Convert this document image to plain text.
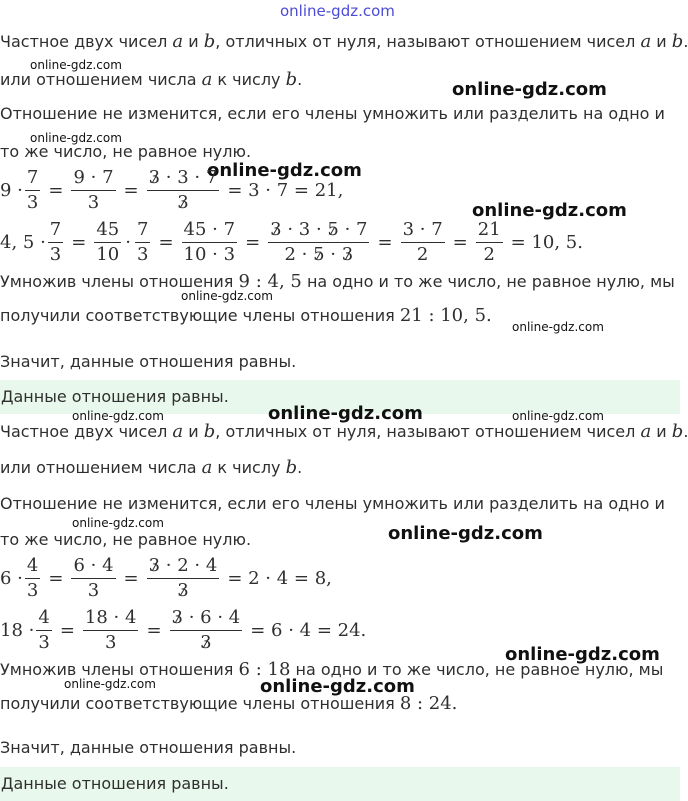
online-gdz.com
Частное двух чисел a и b, отличных от нуля, называют отношением чисел a и b.
online-gdz.com
или отношением числа a к числу b.	online-gdz.com
Отношение не изменится, если его члены умножить или разделить на одно и
online-gdz.com
то же число, не равное нулю.
online-gdz.com
$9 \cdot \frac{7}{3} = \frac{9 \cdot 7}{3} = \frac{3 \cdot 3 \cdot 7}{3} = 3 \cdot 7 = 21$,
online-gdz.com
4, $5 \cdot \frac{7}{3} = \frac{45}{10} \cdot \frac{7}{3} = \frac{45 \cdot 7}{10 \cdot 3} = \frac{3 \cdot 3 \cdot 5 \cdot 7}{2 \cdot 5 \cdot 3} = \frac{3 \cdot 7}{2} = \frac{21}{2} = 10$, 5.
Умножив члены отношения 9 : 4, 5 на одно и то же число, не равное нулю, мы
online-gdz.com
получили соответствующие члены отношения 21 : 10, 5.
online-gdz.com
Значит, данные отношения равны.
Данные отношения равны.
online-gdz.com	online-gdz.com	online-gdz.com
Частное двух чисел a и b, отличных от нуля, называют отношением чисел a и b.
или отношением числа a к числу b.
Отношение не изменится, если его члены умножить или разделить на одно и
online-gdz.com
то же число, не равное нулю.	online-gdz.com
$6 \cdot \frac{4}{3} = \frac{6 \cdot 4}{3} = \frac{3 \cdot 2 \cdot 4}{3} = 2 \cdot 4 = 8$,
$18 \cdot \frac{4}{3} = \frac{18 \cdot 4}{3} = \frac{3 \cdot 6 \cdot 4}{3} = 6 \cdot 4 = 24$.
online-gdz.com
Умножив члены отношения 6 : 18 на одно и то же число, не равное нулю, мы
online-gdz.com	online-gdz.com
получили соответствующие члены отношения 8 : 24.
Значит, данные отношения равны.
Данные отношения равны.
